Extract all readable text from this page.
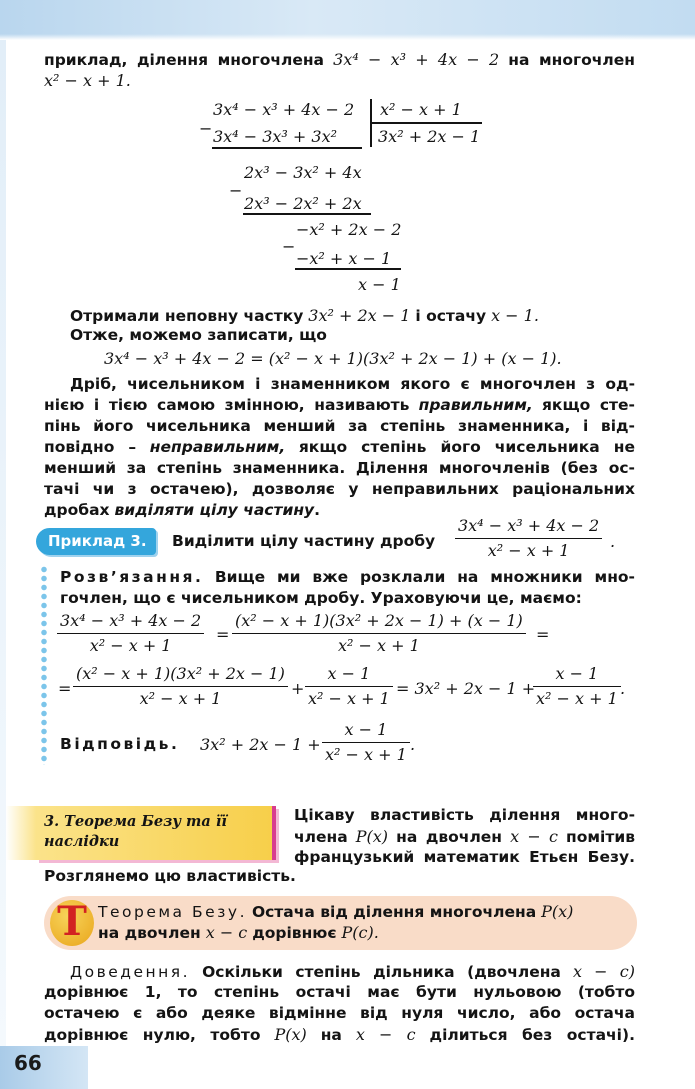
приклад, ділення многочлена 3x⁴ − x³ + 4x − 2 на многочлен
x² − x + 1.
−
3x⁴ − x³ + 4x − 2 x² − x + 1
3x⁴ − 3x³ + 3x²	3x² + 2x − 1
−
2x³ − 3x² + 4x
2x³ − 2x² + 2x
−
−x² + 2x − 2
−x² + x − 1
x − 1
Отримали неповну частку 3x² + 2x − 1 і остачу x − 1.
Отже, можемо записати, що
3x⁴ − x³ + 4x − 2 = (x² − x + 1)(3x² + 2x − 1) + (x − 1).
Дріб, чисельником і знаменником якого є многочлен з од-
нією і тією самою змінною, називають правильним, якщо сте-
пінь його чисельника менший за степінь знаменника, і від-
повідно – неправильним, якщо степінь його чисельника не
менший за степінь знаменника. Ділення многочленів (без ос-
тачі чи з остачею), дозволяє у неправильних раціональних
дробах виділяти цілу частину.
Приклад 3.	Виділити цілу частину дробу $\frac{\text{3x⁴ − x³ + 4x − 2}}{\text{x² − x + 1}}$ .
Розв’язання. Вище ми вже розклали на множники мно-
гочлен, що є чисельником дробу. Ураховуючи це, маємо:
$\frac{\text{3x⁴ − x³ + 4x − 2}}{\text{x² − x + 1}} = \frac{\text{(x² − x + 1)(3x² + 2x − 1) + (x − 1)}}{\text{x² − x + 1}}$ =
= $\frac{\text{(x² − x + 1)(3x² + 2x − 1)}}{\text{x² − x + 1}} + \frac{x - 1}{\text{x² − x + 1}} = 3x^2 + 2x - 1$ +
$\frac{x - 1}{\text{x² − x + 1}}$ .
Відповідь. $3x^2 + 2x - 1 + \frac{x - 1}{\text{x² − x + 1}}$ .
3. Теорема Безу та її наслідки
Цікаву властивість ділення много-
члена P(x) на двочлен x − c помітив
французький математик Етьєн Безу.
Розглянемо цю властивість.
Т Теорема Безу. Остача від ділення многочлена P(x)
на двочлен x − c дорівнює P(c).
Доведення. Оскільки степінь дільника (двочлена x − c)
дорівнює 1, то степінь остачі має бути нульовою (тобто
остачею є або деяке відмінне від нуля число, або остача
дорівнює нулю, тобто P(x) на x − c ділиться без остачі).
66
